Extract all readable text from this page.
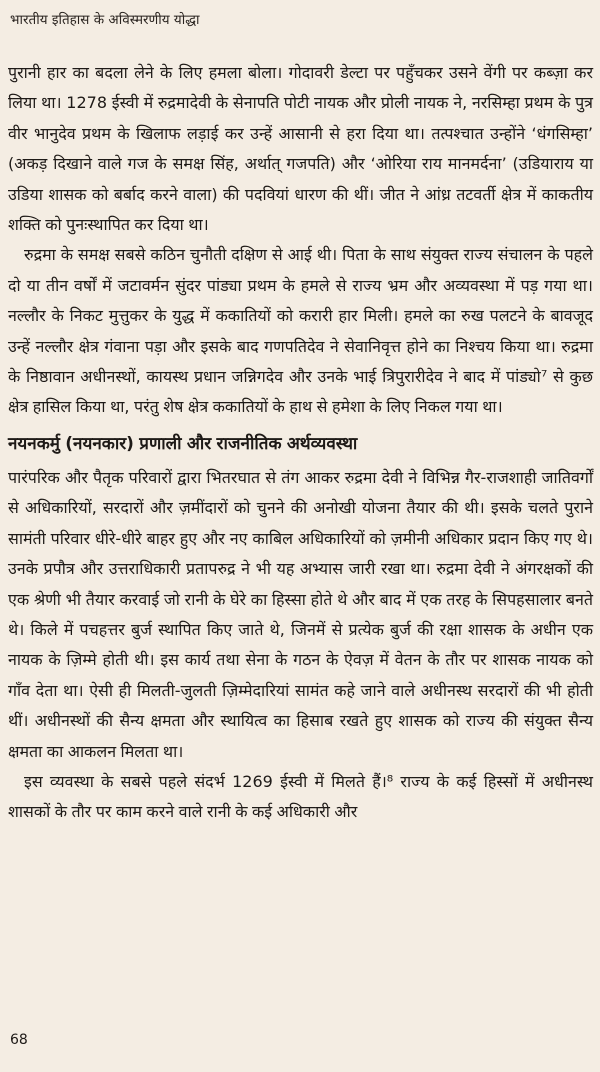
भारतीय इतिहास के अविस्मरणीय योद्धा

पुरानी हार का बदला लेने के लिए हमला बोला। गोदावरी डेल्टा पर पहुँचकर उसने वेंगी पर कब्ज़ा कर लिया था। 1278 ईस्वी में रुद्रमादेवी के सेनापति पोटी नायक और प्रोली नायक ने, नरसिम्हा प्रथम के पुत्र वीर भानुदेव प्रथम के खिलाफ लड़ाई कर उन्हें आसानी से हरा दिया था। तत्पश्चात उन्होंने ‘धंगसिम्हा’ (अकड़ दिखाने वाले गज के समक्ष सिंह, अर्थात् गजपति) और ‘ओरिया राय मानमर्दना’ (उडियाराय या उडिया शासक को बर्बाद करने वाला) की पदवियां धारण की थीं। जीत ने आंध्र तटवर्ती क्षेत्र में काकतीय शक्ति को पुनःस्थापित कर दिया था।

रुद्रमा के समक्ष सबसे कठिन चुनौती दक्षिण से आई थी। पिता के साथ संयुक्त राज्य संचालन के पहले दो या तीन वर्षों में जटावर्मन सुंदर पांड्या प्रथम के हमले से राज्य भ्रम और अव्यवस्था में पड़ गया था। नल्लौर के निकट मुत्तुकर के युद्ध में ककातियों को करारी हार मिली। हमले का रुख पलटने के बावजूद उन्हें नल्लौर क्षेत्र गंवाना पड़ा और इसके बाद गणपतिदेव ने सेवानिवृत्त होने का निश्चय किया था। रुद्रमा के निष्ठावान अधीनस्थों, कायस्थ प्रधान जन्निगदेव और उनके भाई त्रिपुरारीदेव ने बाद में पांड्यो⁷ से कुछ क्षेत्र हासिल किया था, परंतु शेष क्षेत्र ककातियों के हाथ से हमेशा के लिए निकल गया था।

नयनकर्मु (नयनकार) प्रणाली और राजनीतिक अर्थव्यवस्था

पारंपरिक और पैतृक परिवारों द्वारा भितरघात से तंग आकर रुद्रमा देवी ने विभिन्न गैर-राजशाही जातिवर्गों से अधिकारियों, सरदारों और ज़मींदारों को चुनने की अनोखी योजना तैयार की थी। इसके चलते पुराने सामंती परिवार धीरे-धीरे बाहर हुए और नए काबिल अधिकारियों को ज़मीनी अधिकार प्रदान किए गए थे। उनके प्रपौत्र और उत्तराधिकारी प्रतापरुद्र ने भी यह अभ्यास जारी रखा था। रुद्रमा देवी ने अंगरक्षकों की एक श्रेणी भी तैयार करवाई जो रानी के घेरे का हिस्सा होते थे और बाद में एक तरह के सिपहसालार बनते थे। किले में पचहत्तर बुर्ज स्थापित किए जाते थे, जिनमें से प्रत्येक बुर्ज की रक्षा शासक के अधीन एक नायक के ज़िम्मे होती थी। इस कार्य तथा सेना के गठन के ऐवज़ में वेतन के तौर पर शासक नायक को गाँव देता था। ऐसी ही मिलती-जुलती ज़िम्मेदारियां सामंत कहे जाने वाले अधीनस्थ सरदारों की भी होती थीं। अधीनस्थों की सैन्य क्षमता और स्थायित्व का हिसाब रखते हुए शासक को राज्य की संयुक्त सैन्य क्षमता का आकलन मिलता था।

इस व्यवस्था के सबसे पहले संदर्भ 1269 ईस्वी में मिलते हैं।⁸ राज्य के कई हिस्सों में अधीनस्थ शासकों के तौर पर काम करने वाले रानी के कई अधिकारी और

68
